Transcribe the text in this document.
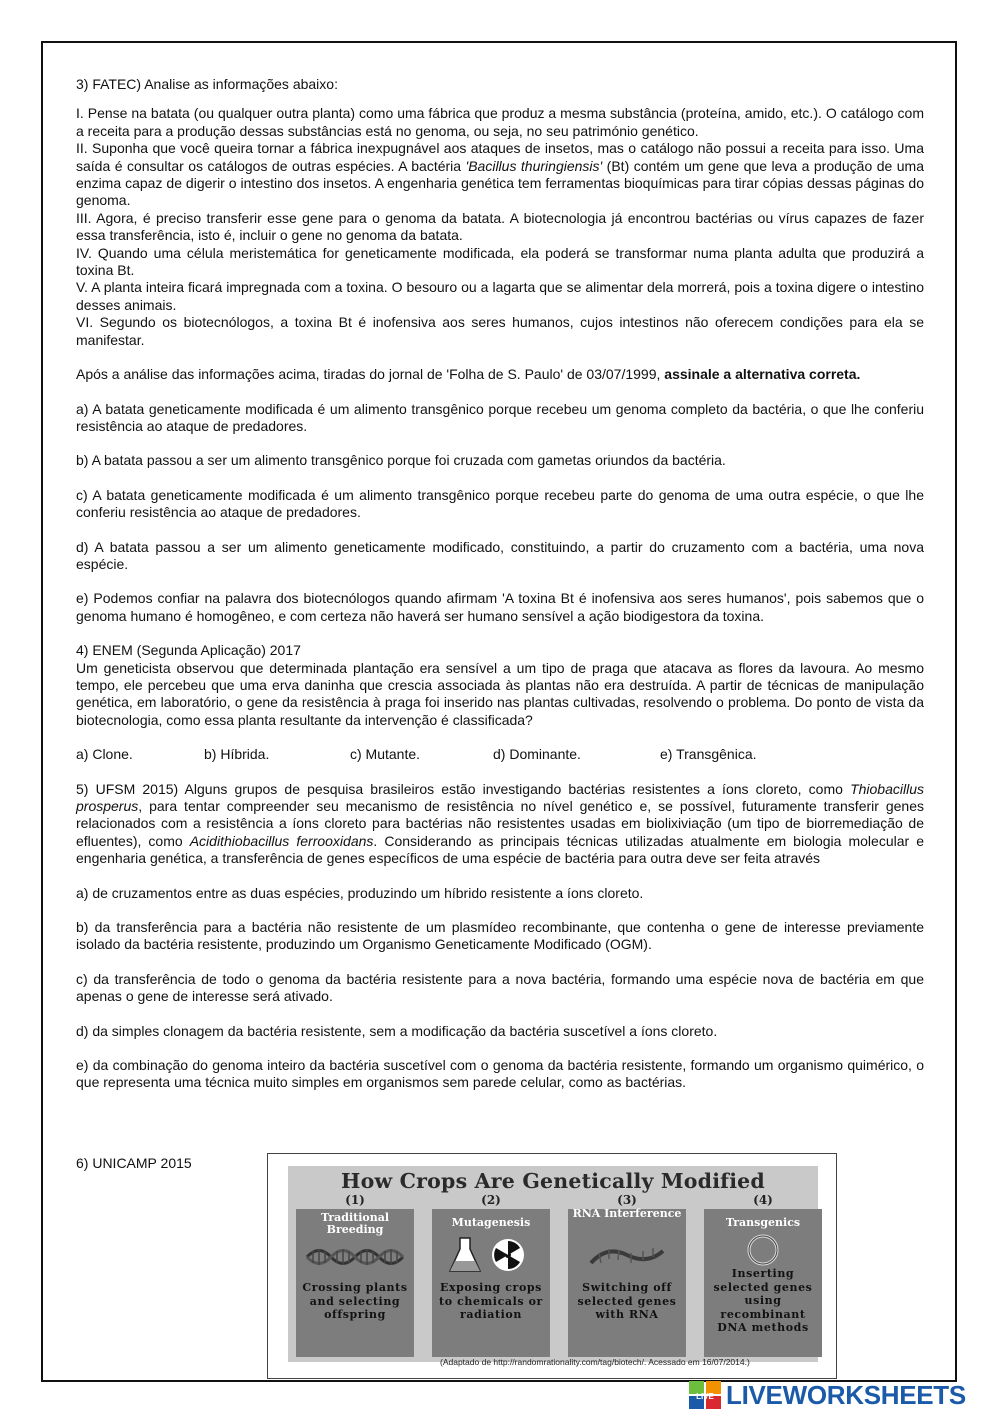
3) FATEC) Analise as informações abaixo:

I. Pense na batata (ou qualquer outra planta) como uma fábrica que produz a mesma substância (proteína, amido, etc.). O catálogo com a receita para a produção dessas substâncias está no genoma, ou seja, no seu património genético.

II. Suponha que você queira tornar a fábrica inexpugnável aos ataques de insetos, mas o catálogo não possui a receita para isso. Uma saída é consultar os catálogos de outras espécies. A bactéria 'Bacillus thuringiensis' (Bt) contém um gene que leva a produção de uma enzima capaz de digerir o intestino dos insetos. A engenharia genética tem ferramentas bioquímicas para tirar cópias dessas páginas do genoma.

III. Agora, é preciso transferir esse gene para o genoma da batata. A biotecnologia já encontrou bactérias ou vírus capazes de fazer essa transferência, isto é, incluir o gene no genoma da batata.

IV. Quando uma célula meristemática for geneticamente modificada, ela poderá se transformar numa planta adulta que produzirá a toxina Bt.

V. A planta inteira ficará impregnada com a toxina. O besouro ou a lagarta que se alimentar dela morrerá, pois a toxina digere o intestino desses animais.

VI. Segundo os biotecnólogos, a toxina Bt é inofensiva aos seres humanos, cujos intestinos não oferecem condições para ela se manifestar.

Após a análise das informações acima, tiradas do jornal de 'Folha de S. Paulo' de 03/07/1999, assinale a alternativa correta.

a) A batata geneticamente modificada é um alimento transgênico porque recebeu um genoma completo da bactéria, o que lhe conferiu resistência ao ataque de predadores.

b) A batata passou a ser um alimento transgênico porque foi cruzada com gametas oriundos da bactéria.

c) A batata geneticamente modificada é um alimento transgênico porque recebeu parte do genoma de uma outra espécie, o que lhe conferiu resistência ao ataque de predadores.

d) A batata passou a ser um alimento geneticamente modificado, constituindo, a partir do cruzamento com a bactéria, uma nova espécie.

e) Podemos confiar na palavra dos biotecnólogos quando afirmam 'A toxina Bt é inofensiva aos seres humanos', pois sabemos que o genoma humano é homogêneo, e com certeza não haverá ser humano sensível a ação biodigestora da toxina.

4) ENEM (Segunda Aplicação) 2017

Um geneticista observou que determinada plantação era sensível a um tipo de praga que atacava as flores da lavoura. Ao mesmo tempo, ele percebeu que uma erva daninha que crescia associada às plantas não era destruída. A partir de técnicas de manipulação genética, em laboratório, o gene da resistência à praga foi inserido nas plantas cultivadas, resolvendo o problema. Do ponto de vista da biotecnologia, como essa planta resultante da intervenção é classificada?

a) Clone.	b) Híbrida.	c) Mutante.	d) Dominante.	e) Transgênica.

5) UFSM 2015) Alguns grupos de pesquisa brasileiros estão investigando bactérias resistentes a íons cloreto, como Thiobacillus prosperus, para tentar compreender seu mecanismo de resistência no nível genético e, se possível, futuramente transferir genes relacionados com a resistência a íons cloreto para bactérias não resistentes usadas em biolixiviação (um tipo de biorremediação de efluentes), como Acidithiobacillus ferrooxidans. Considerando as principais técnicas utilizadas atualmente em biologia molecular e engenharia genética, a transferência de genes específicos de uma espécie de bactéria para outra deve ser feita através

a) de cruzamentos entre as duas espécies, produzindo um híbrido resistente a íons cloreto.

b) da transferência para a bactéria não resistente de um plasmídeo recombinante, que contenha o gene de interesse previamente isolado da bactéria resistente, produzindo um Organismo Geneticamente Modificado (OGM).

c) da transferência de todo o genoma da bactéria resistente para a nova bactéria, formando uma espécie nova de bactéria em que apenas o gene de interesse será ativado.

d) da simples clonagem da bactéria resistente, sem a modificação da bactéria suscetível a íons cloreto.

e) da combinação do genoma inteiro da bactéria suscetível com o genoma da bactéria resistente, formando um organismo quimérico, o que representa uma técnica muito simples em organismos sem parede celular, como as bactérias.

6) UNICAMP 2015
How Crops Are Genetically Modified
(1)
Traditional Breeding
Crossing plants and selecting offspring
(2)
Mutagenesis
Exposing crops to chemicals or radiation
(3)
RNA Interference
Switching off selected genes with RNA
(4)
Transgenics
Inserting selected genes using recombinant DNA methods
(Adaptado de http://randomrationality.com/tag/biotech/. Acessado em 16/07/2014.)
LIVE LIVEWORKSHEETS
